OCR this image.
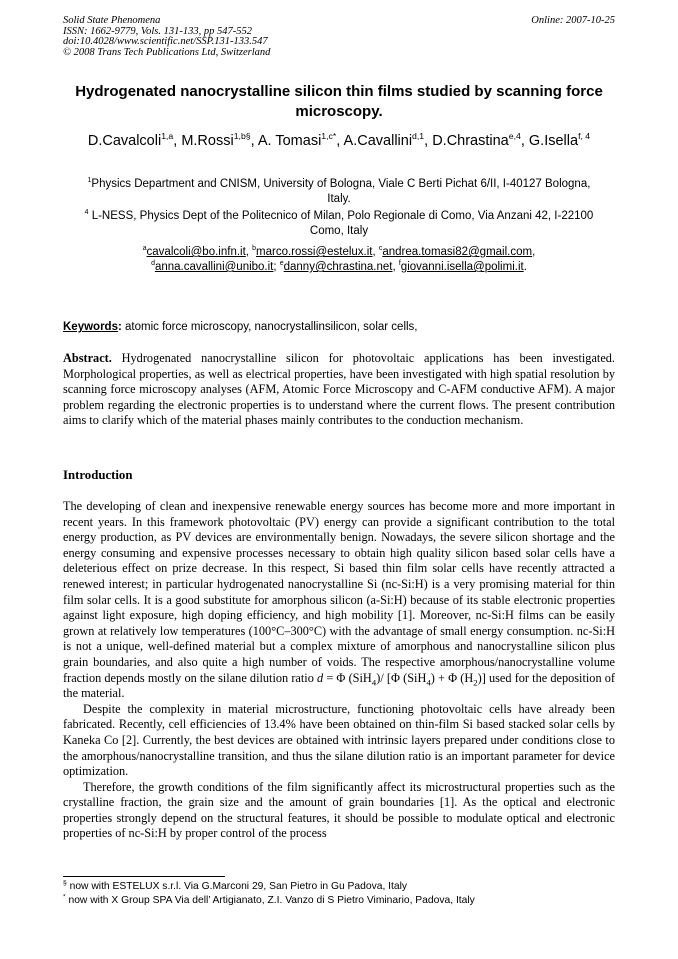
Solid State Phenomena
ISSN: 1662-9779, Vols. 131-133, pp 547-552
doi:10.4028/www.scientific.net/SSP.131-133.547
© 2008 Trans Tech Publications Ltd, Switzerland
Online: 2007-10-25
Hydrogenated nanocrystalline silicon thin films studied by scanning force microscopy.
D.Cavalcoli$^{1,a}$, M.Rossi$^{1,b\S}$, A. Tomasi$^{1,c*}$, A.Cavallini$^{d,1}$, D.Chrastina$^{e,4}$, G.Isella$^{f, 4}$
$^1$Physics Department and CNISM, University of Bologna, Viale C Berti Pichat 6/II, I-40127 Bologna, Italy.
$^4$ L-NESS, Physics Dept of the Politecnico of Milan, Polo Regionale di Como, Via Anzani 42, I-22100 Como, Italy
$^a$cavalcoli@bo.infn.it, $^b$marco.rossi@estelux.it, $^c$andrea.tomasi82@gmail.com,
$^d$anna.cavallini@unibo.it; $^e$danny@chrastina.net, $^f$giovanni.isella@polimi.it.
Keywords: atomic force microscopy, nanocrystallinsilicon, solar cells,
Abstract. Hydrogenated nanocrystalline silicon for photovoltaic applications has been investigated. Morphological properties, as well as electrical properties, have been investigated with high spatial resolution by scanning force microscopy analyses (AFM, Atomic Force Microscopy and C-AFM conductive AFM). A major problem regarding the electronic properties is to understand where the current flows. The present contribution aims to clarify which of the material phases mainly contributes to the conduction mechanism.
Introduction

The developing of clean and inexpensive renewable energy sources has become more and more important in recent years. In this framework photovoltaic (PV) energy can provide a significant contribution to the total energy production, as PV devices are environmentally benign. Nowadays, the severe silicon shortage and the energy consuming and expensive processes necessary to obtain high quality silicon based solar cells have a deleterious effect on prize decrease. In this respect, Si based thin film solar cells have recently attracted a renewed interest; in particular hydrogenated nanocrystalline Si (nc-Si:H) is a very promising material for thin film solar cells. It is a good substitute for amorphous silicon (a-Si:H) because of its stable electronic properties against light exposure, high doping efficiency, and high mobility [1]. Moreover, nc-Si:H films can be easily grown at relatively low temperatures (100°C–300°C) with the advantage of small energy consumption. nc-Si:H is not a unique, well-defined material but a complex mixture of amorphous and nanocrystalline silicon plus grain boundaries, and also quite a high number of voids. The respective amorphous/nanocrystalline volume fraction depends mostly on the silane dilution ratio d = Φ (SiH$_4$)/ [Φ (SiH$_4$) + Φ $(H_2)$] used for the deposition of the material.

Despite the complexity in material microstructure, functioning photovoltaic cells have already been fabricated. Recently, cell efficiencies of 13.4% have been obtained on thin-film Si based stacked solar cells by Kaneka Co [2]. Currently, the best devices are obtained with intrinsic layers prepared under conditions close to the amorphous/nanocrystalline transition, and thus the silane dilution ratio is an important parameter for device optimization.

Therefore, the growth conditions of the film significantly affect its microstructural properties such as the crystalline fraction, the grain size and the amount of grain boundaries [1]. As the optical and electronic properties strongly depend on the structural features, it should be possible to modulate optical and electronic properties of nc-Si:H by proper control of the process

§ now with ESTELUX s.r.l. Via G.Marconi 29, San Pietro in Gu Padova, Italy
* now with X Group SPA Via dell’ Artigianato, Z.I. Vanzo di S Pietro Viminario, Padova, Italy
